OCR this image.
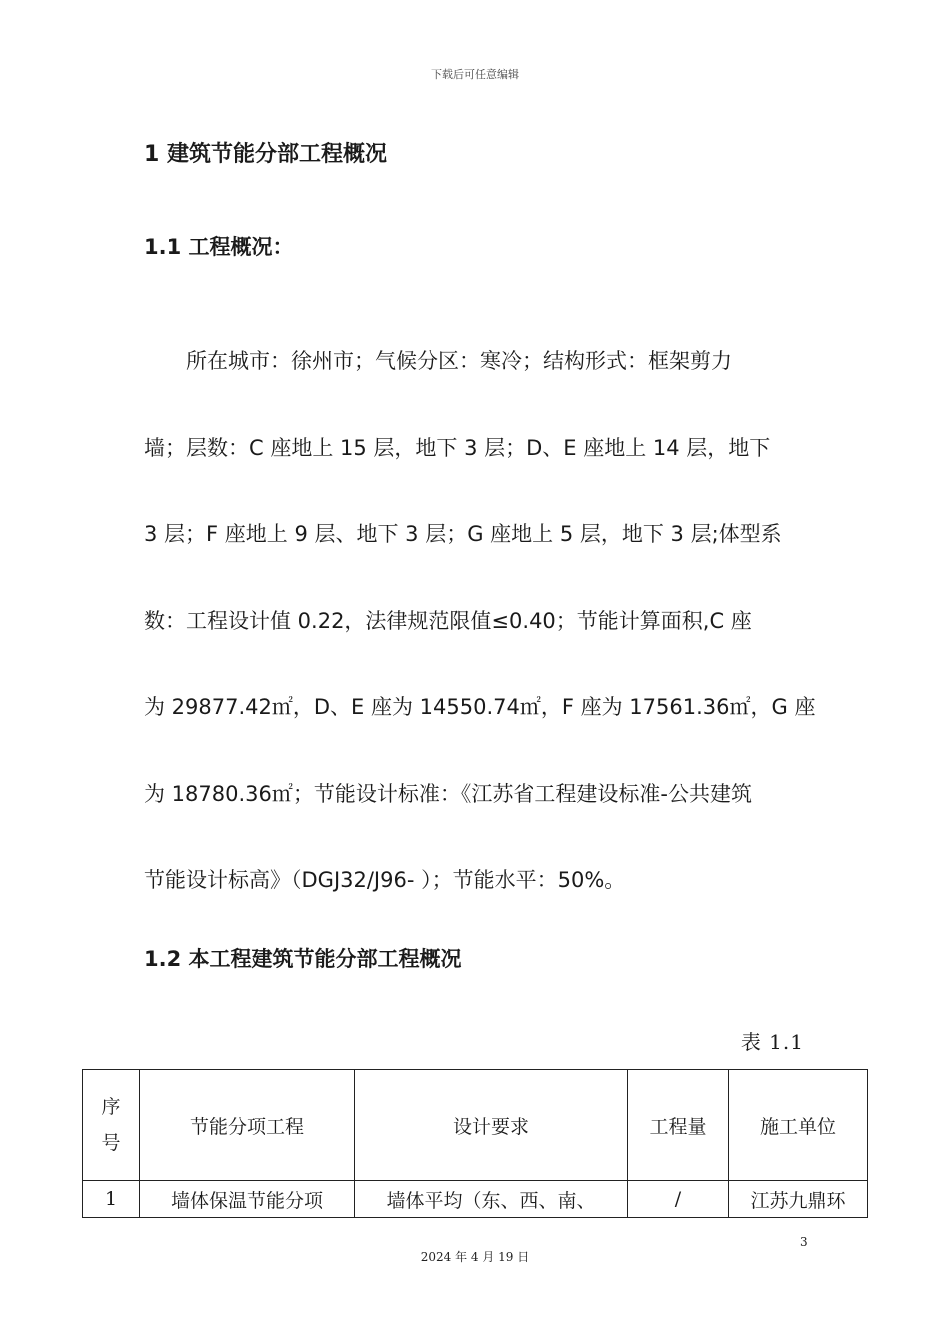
下载后可任意编辑
1 建筑节能分部工程概况
1.1 工程概况：

　　所在城市：徐州市；气候分区：寒冷；结构形式：框架剪力

墙；层数：C 座地上 15 层，地下 3 层；D、E 座地上 14 层，地下

3 层；F 座地上 9 层、地下 3 层；G 座地上 5 层，地下 3 层;体型系

数：工程设计值 0.22，法律规范限值≤0.40；节能计算面积,C 座

为 29877.42㎡，D、E 座为 14550.74㎡，F 座为 17561.36㎡，G 座

为 18780.36㎡；节能设计标准：《江苏省工程建设标准-公共建筑

节能设计标高》（DGJ32/J96- ）；节能水平：50%。

1.2 本工程建筑节能分部工程概况
表 1.1
序
号	节能分项工程	设计要求	工程量	施工单位
1	墙体保温节能分项	墙体平均（东、西、南、	/	江苏九鼎环
3
2024 年 4 月 19 日
